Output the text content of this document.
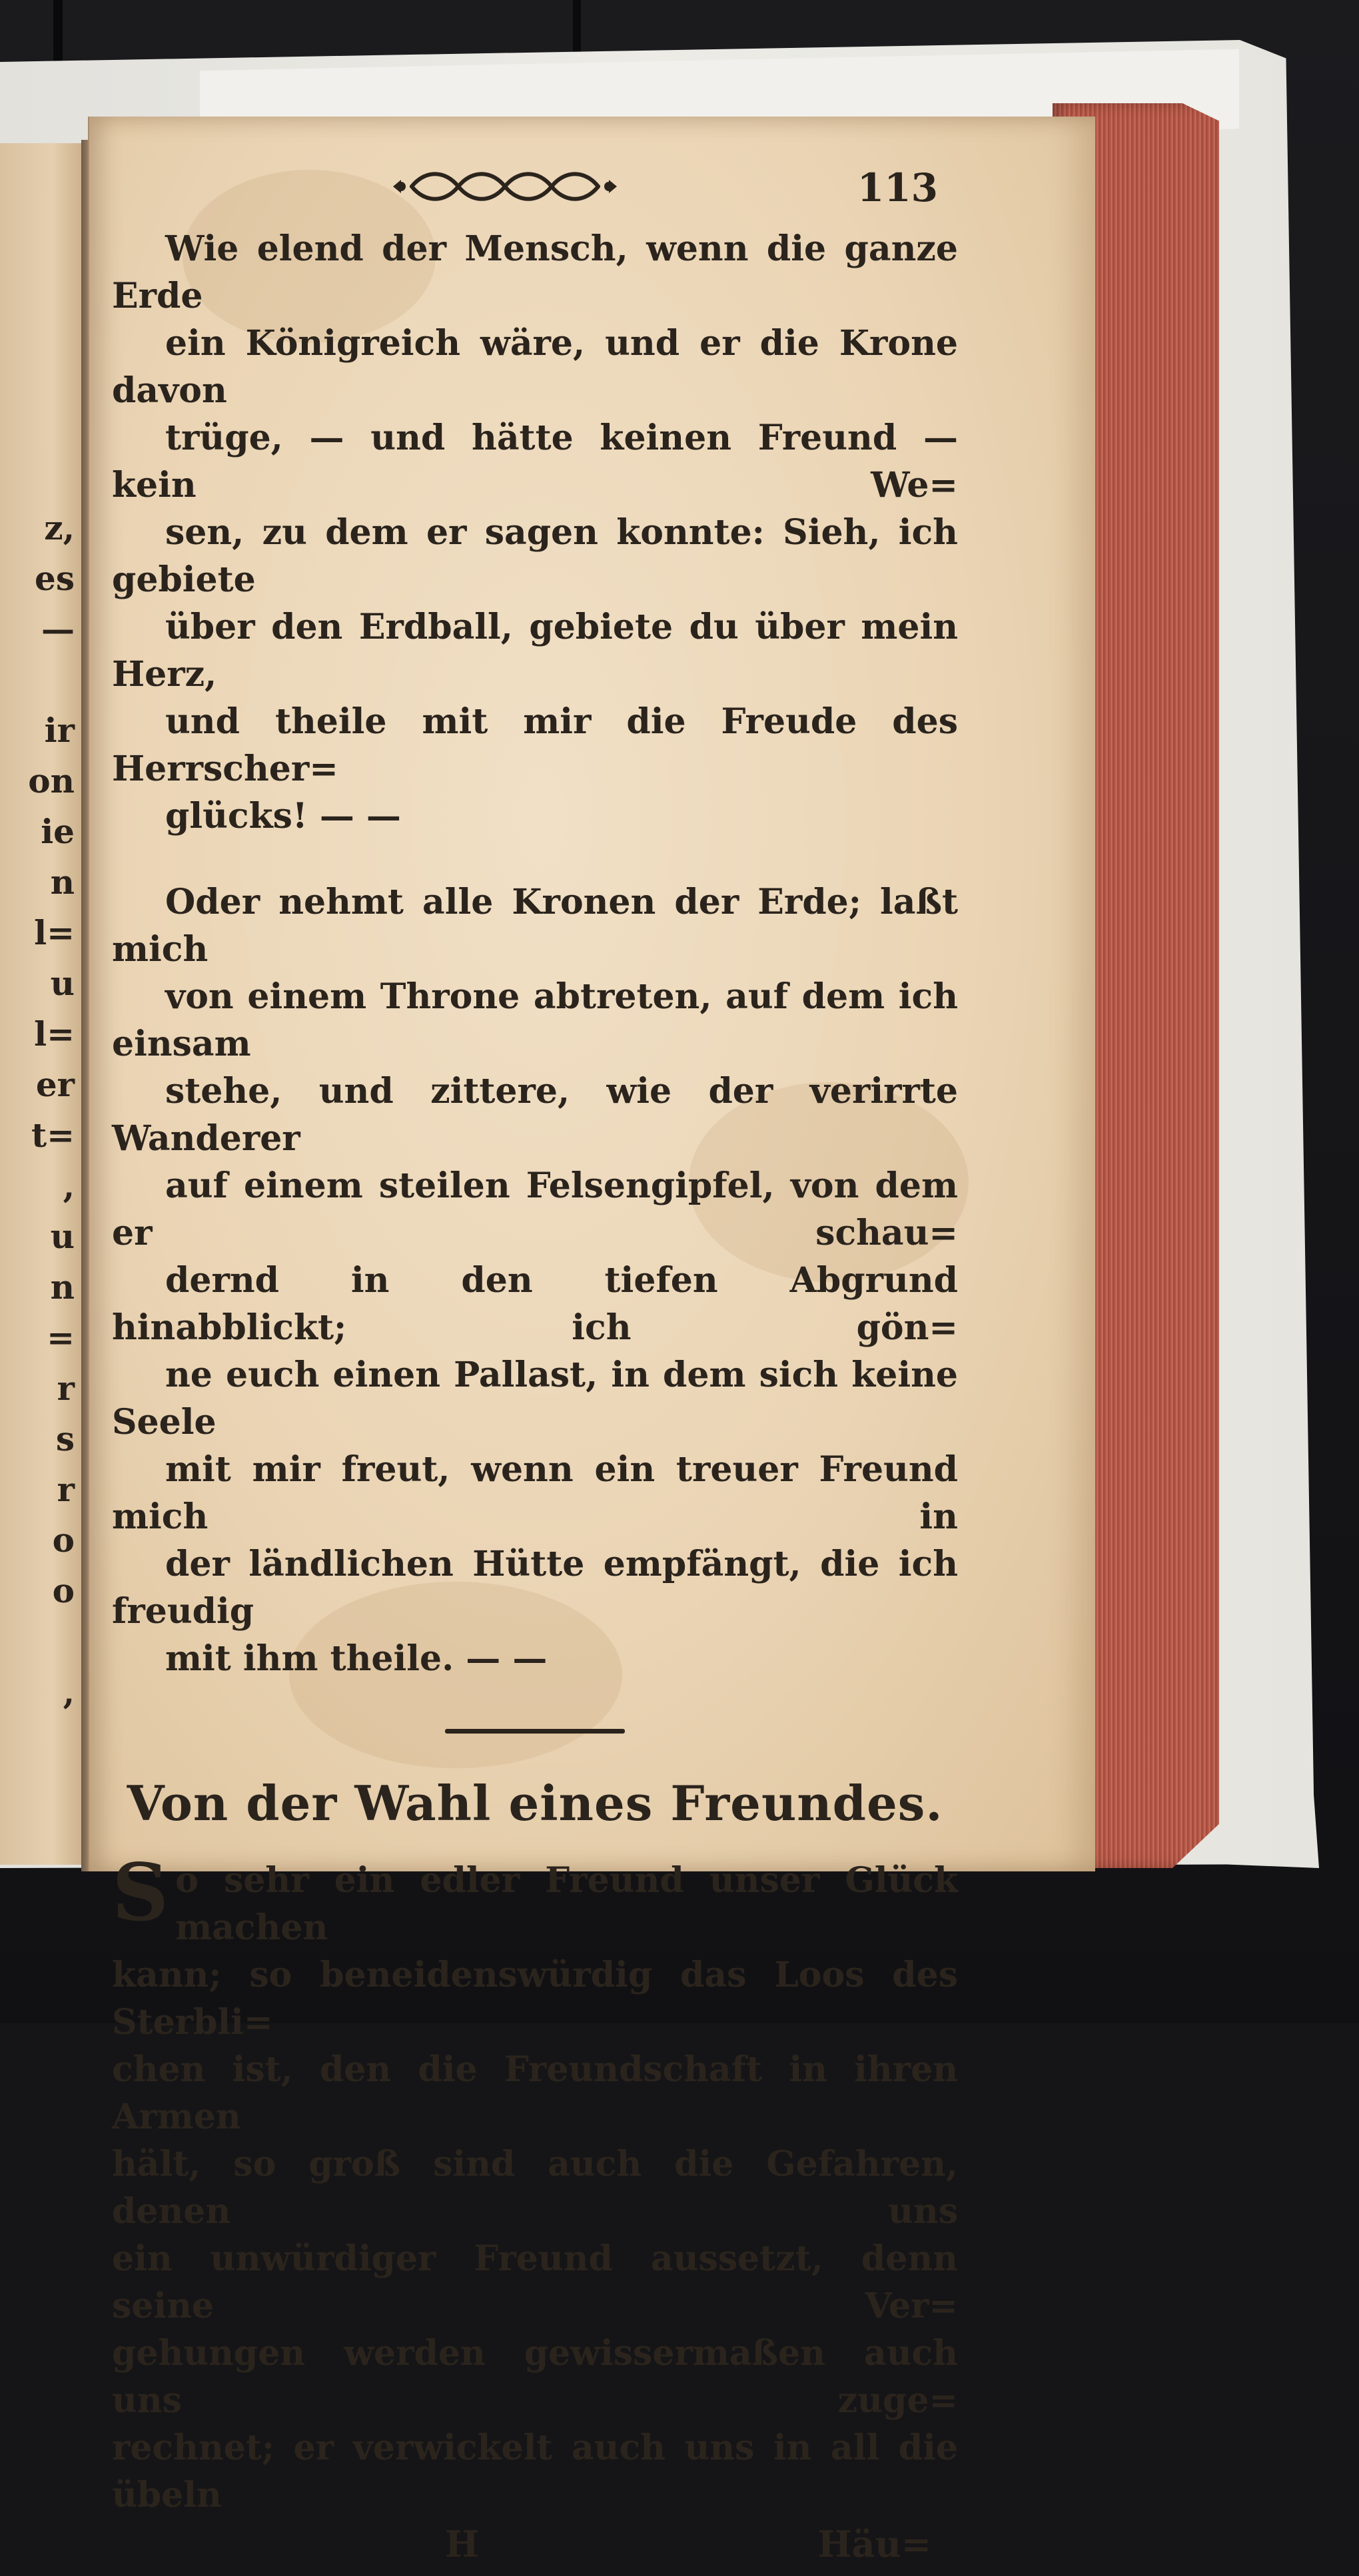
z,
es
—
ir
on
ie
n
l=
u
l=
er
t=
,
u
n
=
r
s
r
o
o
,
113

Wie elend der Mensch, wenn die ganze Erde
ein Königreich wäre, und er die Krone davon
trüge, — und hätte keinen Freund — kein We=
sen, zu dem er sagen konnte: Sieh, ich gebiete
über den Erdball, gebiete du über mein Herz,
und theile mit mir die Freude des Herrscher=
glücks! — —

Oder nehmt alle Kronen der Erde; laßt mich
von einem Throne abtreten, auf dem ich einsam
stehe, und zittere, wie der verirrte Wanderer
auf einem steilen Felsengipfel, von dem er schau=
dernd in den tiefen Abgrund hinabblickt; ich gön=
ne euch einen Pallast, in dem sich keine Seele
mit mir freut, wenn ein treuer Freund mich in
der ländlichen Hütte empfängt, die ich freudig
mit ihm theile. — —

Von der Wahl eines Freundes.

S o sehr ein edler Freund unser Glück machen
kann; so beneidenswürdig das Loos des Sterbli=
chen ist, den die Freundschaft in ihren Armen
hält, so groß sind auch die Gefahren, denen uns
ein unwürdiger Freund aussetzt, denn seine Ver=
gehungen werden gewissermaßen auch uns zuge=
rechnet; er verwickelt auch uns in all die übeln

H	Häu=
